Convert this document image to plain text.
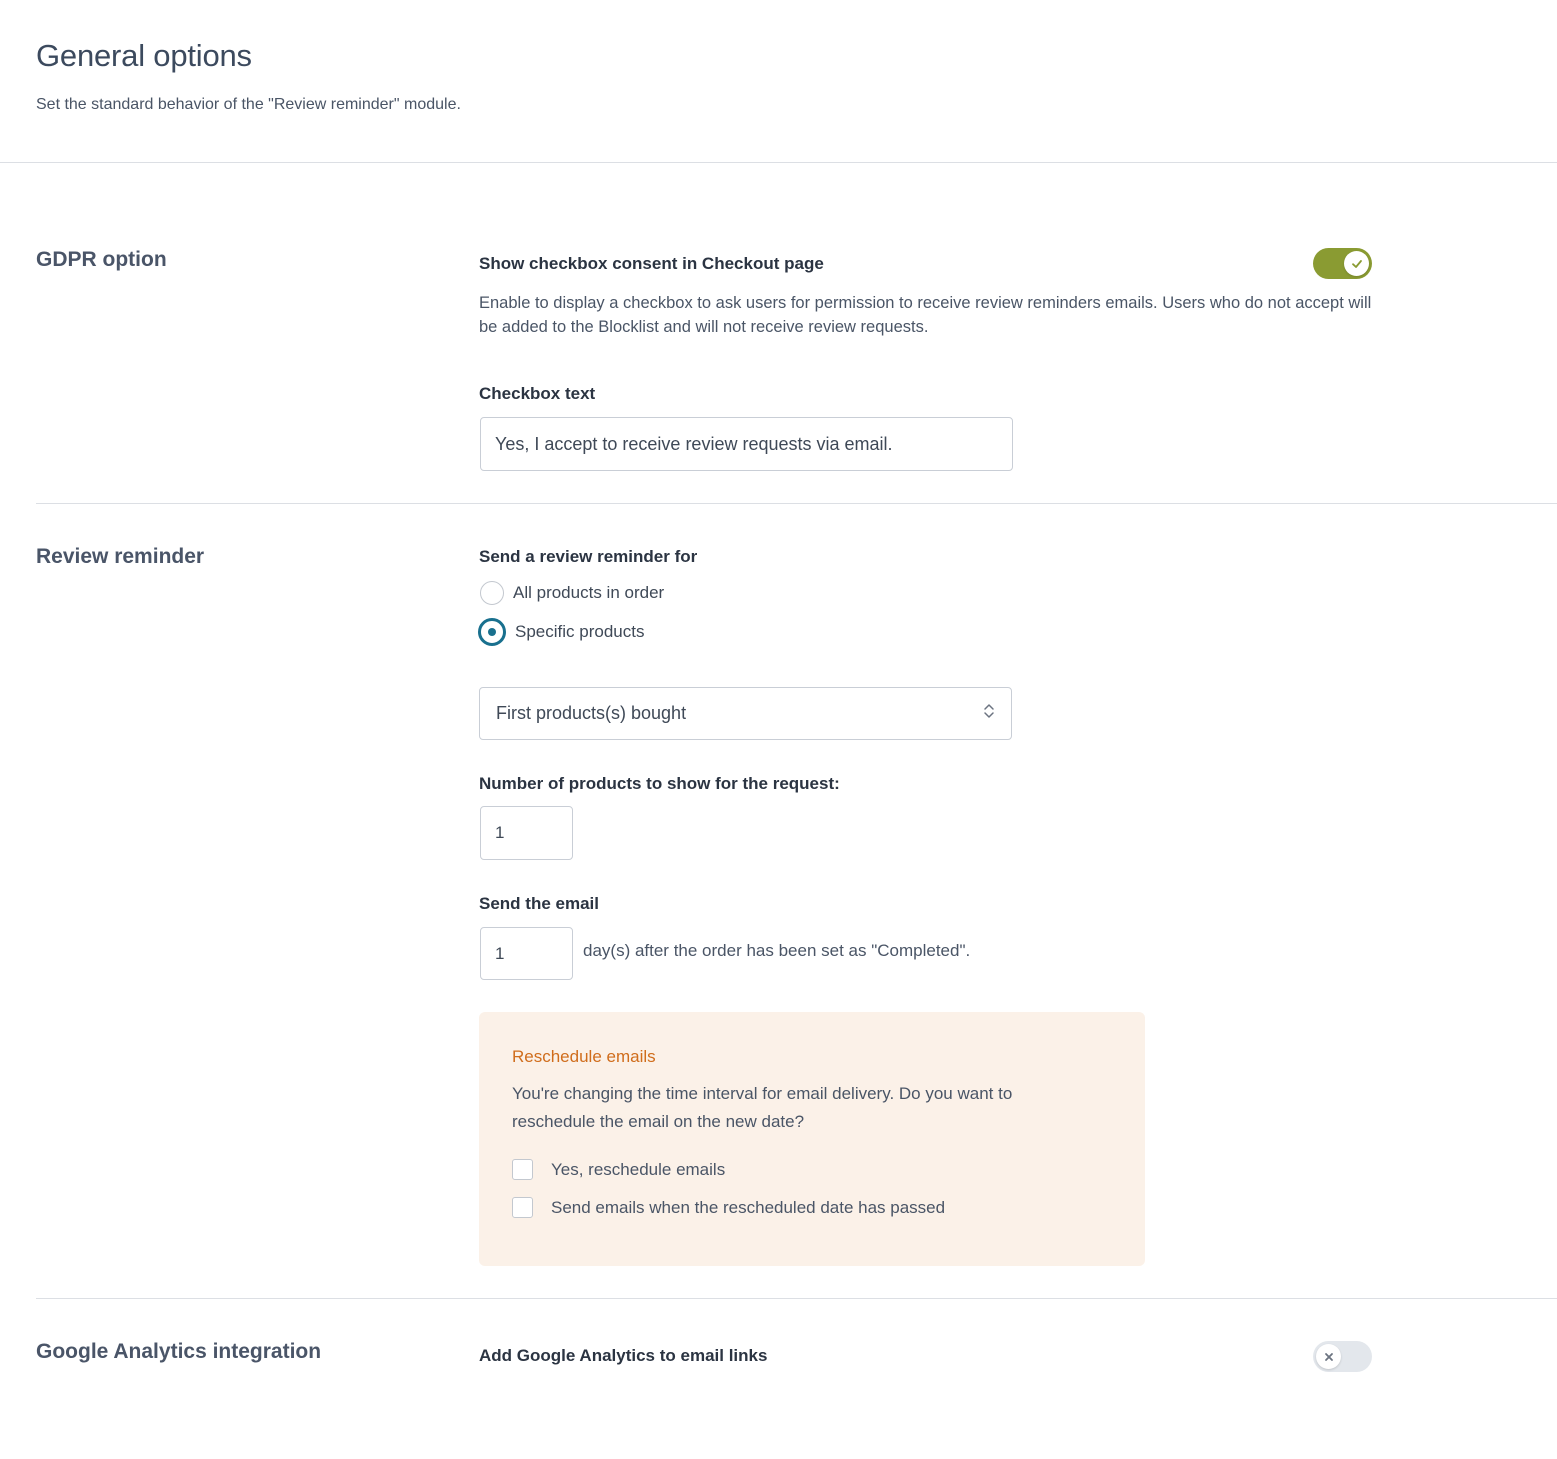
General options

Set the standard behavior of the "Review reminder" module.

GDPR option	Show checkbox consent in Checkout page

Enable to display a checkbox to ask users for permission to receive review reminders emails. Users who do not accept will be added to the Blocklist and will not receive review requests.

Checkbox text
Yes, I accept to receive review requests via email.
Review reminder	Send a review reminder for
All products in order
Specific products
First products(s) bought
Number of products to show for the request:
1
Send the email
1	day(s) after the order has been set as "Completed".
Reschedule emails

You're changing the time interval for email delivery. Do you want to reschedule the email on the new date?

Yes, reschedule emails
Send emails when the rescheduled date has passed
Google Analytics integration	Add Google Analytics to email links
